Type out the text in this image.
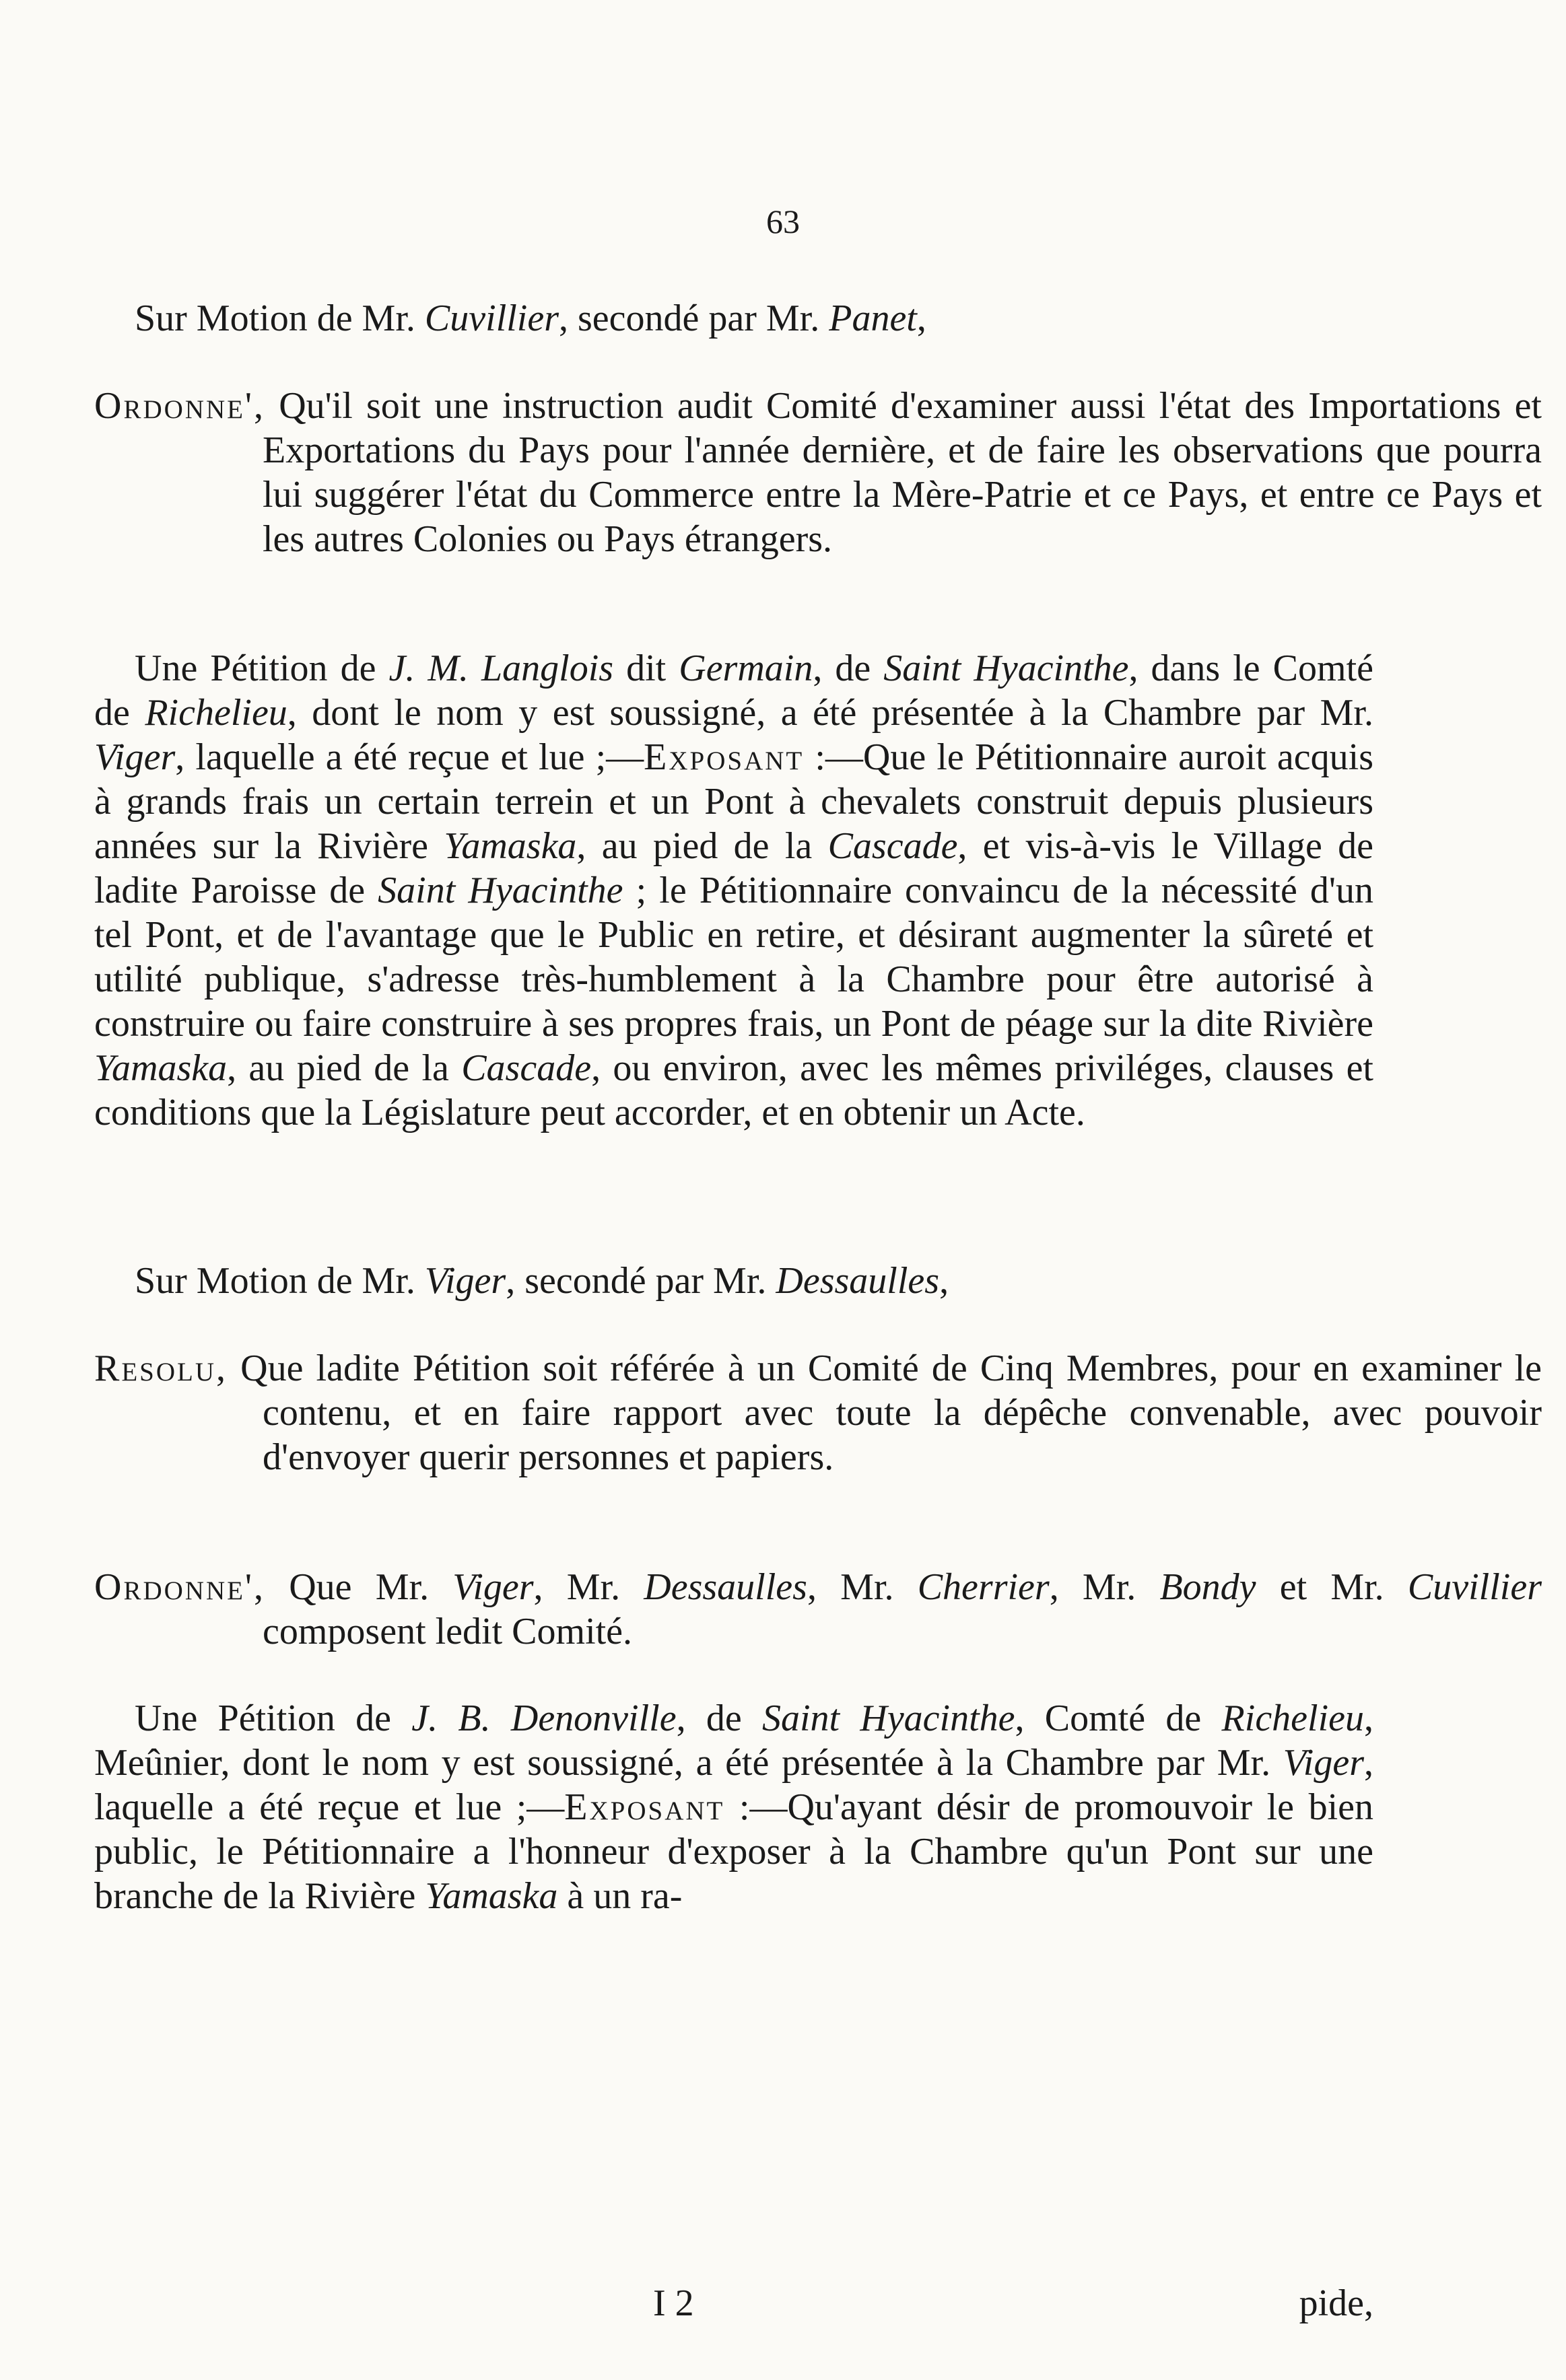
63
Sur Motion de Mr. Cuvillier, secondé par Mr. Panet,
Ordonne', Qu'il soit une instruction audit Comité d'examiner aussi l'état des Importations et Exportations du Pays pour l'année dernière, et de faire les observations que pourra lui suggérer l'état du Commerce entre la Mère-Patrie et ce Pays, et entre ce Pays et les autres Colonies ou Pays étrangers.
Une Pétition de J. M. Langlois dit Germain, de Saint Hyacinthe, dans le Comté de Richelieu, dont le nom y est soussigné, a été présentée à la Chambre par Mr. Viger, laquelle a été reçue et lue ;—Exposant :—Que le Pétitionnaire auroit acquis à grands frais un certain terrein et un Pont à chevalets construit depuis plusieurs années sur la Rivière Yamaska, au pied de la Cascade, et vis-à-vis le Village de ladite Paroisse de Saint Hyacinthe ; le Pétitionnaire convaincu de la nécessité d'un tel Pont, et de l'avantage que le Public en retire, et désirant augmenter la sûreté et utilité publique, s'adresse très-humblement à la Chambre pour être autorisé à construire ou faire construire à ses propres frais, un Pont de péage sur la dite Rivière Yamaska, au pied de la Cascade, ou environ, avec les mêmes priviléges, clauses et conditions que la Législature peut accorder, et en obtenir un Acte.
Sur Motion de Mr. Viger, secondé par Mr. Dessaulles,
Resolu, Que ladite Pétition soit référée à un Comité de Cinq Membres, pour en examiner le contenu, et en faire rapport avec toute la dépêche convenable, avec pouvoir d'envoyer querir personnes et papiers.
Ordonne', Que Mr. Viger, Mr. Dessaulles, Mr. Cherrier, Mr. Bondy et Mr. Cuvillier composent ledit Comité.
Une Pétition de J. B. Denonville, de Saint Hyacinthe, Comté de Richelieu, Meûnier, dont le nom y est soussigné, a été présentée à la Chambre par Mr. Viger, laquelle a été reçue et lue ;—Exposant :—Qu'ayant désir de promouvoir le bien public, le Pétitionnaire a l'honneur d'exposer à la Chambre qu'un Pont sur une branche de la Rivière Yamaska à un ra-
I 2	pide,
